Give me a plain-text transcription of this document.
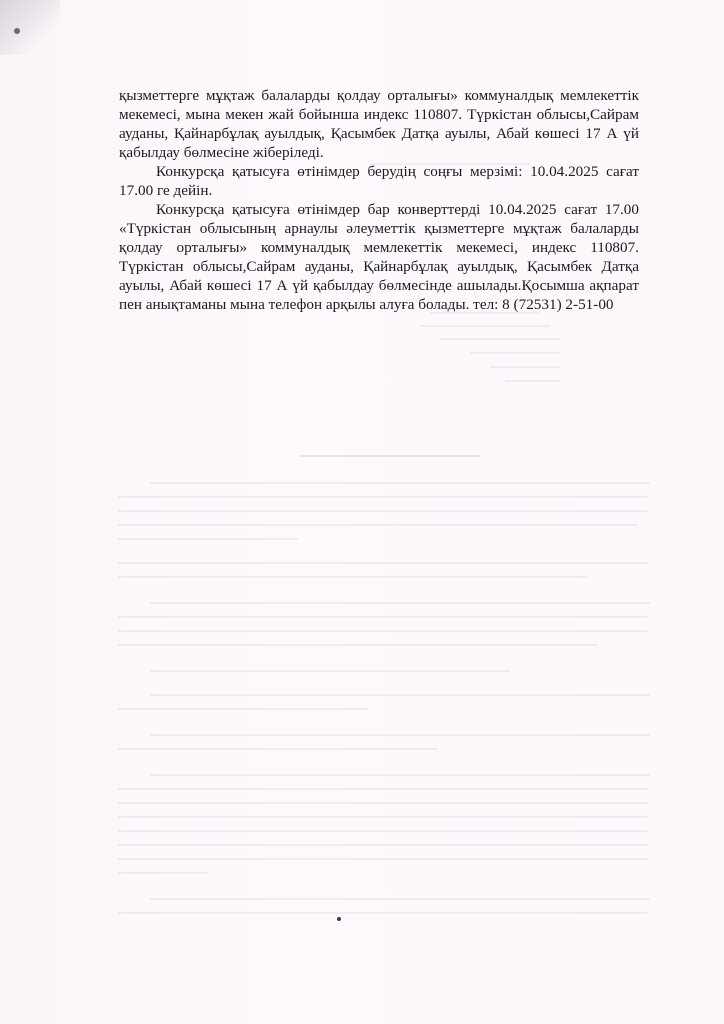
қызметтерге мұқтаж балаларды қолдау орталығы» коммуналдық мемлекеттік мекемесі, мына мекен жай бойынша индекс 110807. Түркістан облысы,Сайрам ауданы, Қайнарбұлақ ауылдық, Қасымбек Датқа ауылы, Абай көшесі 17 А үй қабылдау бөлмесіне жіберіледі.

Конкурсқа қатысуға өтінімдер берудің соңғы мерзімі: 10.04.2025 сағат 17.00 ге дейін.

Конкурсқа қатысуға өтінімдер бар конверттерді 10.04.2025 сағат 17.00 «Түркістан облысының арнаулы әлеуметтік қызметтерге мұқтаж балаларды қолдау орталығы» коммуналдық мемлекеттік мекемесі, индекс 110807. Түркістан облысы,Сайрам ауданы, Қайнарбұлақ ауылдық, Қасымбек Датқа ауылы, Абай көшесі 17 А үй қабылдау бөлмесінде ашылады.Қосымша ақпарат пен анықтаманы мына телефон арқылы алуға болады. тел: 8 (72531) 2-51-00
